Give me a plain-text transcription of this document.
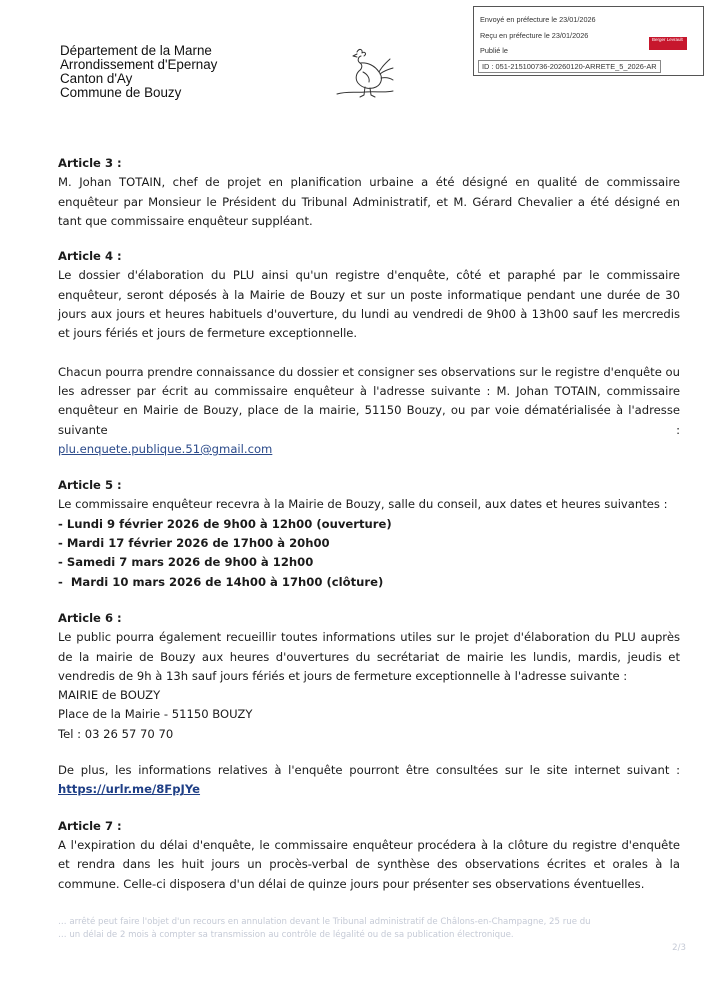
Envoyé en préfecture le 23/01/2026
Reçu en préfecture le 23/01/2026
Publié le
ID : 051-215100736-20260120-ARRETE_5_2026-AR
Berger Levrault
Département de la Marne
Arrondissement d'Epernay
Canton d'Ay
Commune de Bouzy

Article 3 :

M. Johan TOTAIN, chef de projet en planification urbaine a été désigné en qualité de commissaire enquêteur par Monsieur le Président du Tribunal Administratif, et M. Gérard Chevalier a été désigné en tant que commissaire enquêteur suppléant.

Article 4 :

Le dossier d'élaboration du PLU ainsi qu'un registre d'enquête, côté et paraphé par le commissaire enquêteur, seront déposés à la Mairie de Bouzy et sur un poste informatique pendant une durée de 30 jours aux jours et heures habituels d'ouverture, du lundi au vendredi de 9h00 à 13h00 sauf les mercredis et jours fériés et jours de fermeture exceptionnelle.

Chacun pourra prendre connaissance du dossier et consigner ses observations sur le registre d'enquête ou les adresser par écrit au commissaire enquêteur à l'adresse suivante : M. Johan TOTAIN, commissaire enquêteur en Mairie de Bouzy, place de la mairie, 51150 Bouzy, ou par voie dématérialisée à l'adresse suivante :

plu.enquete.publique.51@gmail.com

Article 5 :

Le commissaire enquêteur recevra à la Mairie de Bouzy, salle du conseil, aux dates et heures suivantes :

- Lundi 9 février 2026 de 9h00 à 12h00 (ouverture)

- Mardi 17 février 2026 de 17h00 à 20h00

- Samedi 7 mars 2026 de 9h00 à 12h00

-  Mardi 10 mars 2026 de 14h00 à 17h00 (clôture)

Article 6 :

Le public pourra également recueillir toutes informations utiles sur le projet d'élaboration du PLU auprès de la mairie de Bouzy aux heures d'ouvertures du secrétariat de mairie les lundis, mardis, jeudis et vendredis de 9h à 13h sauf jours fériés et jours de fermeture exceptionnelle à l'adresse suivante :

MAIRIE de BOUZY

Place de la Mairie - 51150 BOUZY

Tel : 03 26 57 70 70

De plus, les informations relatives à l'enquête pourront être consultées sur le site internet suivant :

https://urlr.me/8FpJYe

Article 7 :

A l'expiration du délai d'enquête, le commissaire enquêteur procédera à la clôture du registre d'enquête et rendra dans les huit jours un procès-verbal de synthèse des observations écrites et orales à la commune. Celle-ci disposera d'un délai de quinze jours pour présenter ses observations éventuelles.

… arrêté peut faire l'objet d'un recours en annulation devant le Tribunal administratif de Châlons-en-Champagne, 25 rue du
… un délai de 2 mois à compter sa transmission au contrôle de légalité ou de sa publication électronique.
2/3
